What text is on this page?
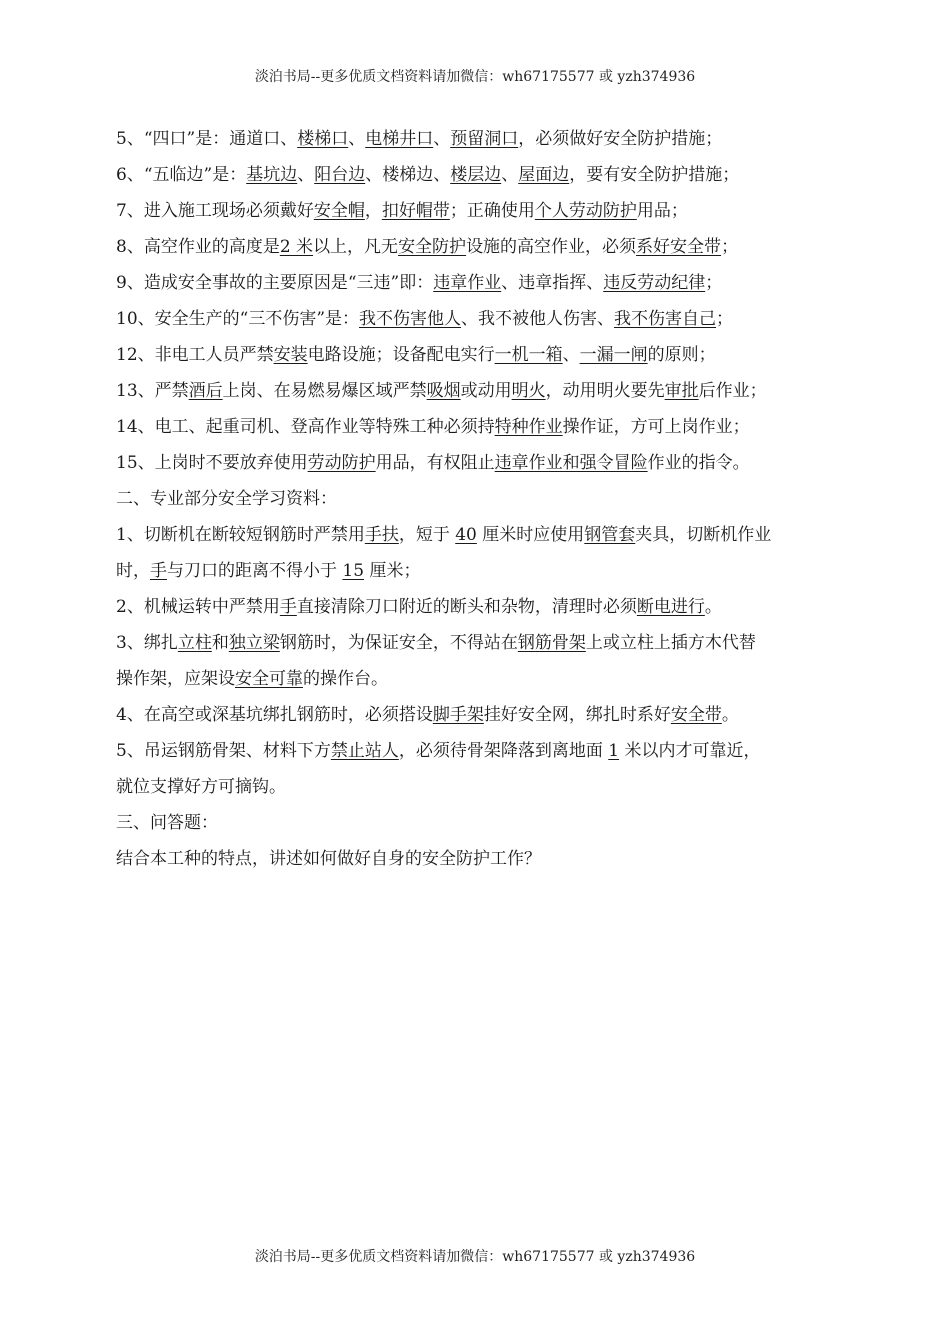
淡泊书局--更多优质文档资料请加微信：wh67175577 或 yzh374936
5、“四口”是：通道口、楼梯口、电梯井口、预留洞口，必须做好安全防护措施；
6、“五临边”是：基坑边、阳台边、楼梯边、楼层边、屋面边，要有安全防护措施；
7、进入施工现场必须戴好安全帽，扣好帽带；正确使用个人劳动防护用品；
8、高空作业的高度是2 米以上，凡无安全防护设施的高空作业，必须系好安全带；
9、造成安全事故的主要原因是“三违”即：违章作业、违章指挥、违反劳动纪律；
10、安全生产的“三不伤害”是：我不伤害他人、我不被他人伤害、我不伤害自己；
12、非电工人员严禁安装电路设施；设备配电实行一机一箱、一漏一闸的原则；
13、严禁酒后上岗、在易燃易爆区域严禁吸烟或动用明火，动用明火要先审批后作业；
14、电工、起重司机、登高作业等特殊工种必须持特种作业操作证，方可上岗作业；
15、上岗时不要放弃使用劳动防护用品，有权阻止违章作业和强令冒险作业的指令。
二、专业部分安全学习资料：
1、切断机在断较短钢筋时严禁用手扶，短于 40 厘米时应使用钢管套夹具，切断机作业
时，手与刀口的距离不得小于 15 厘米；
2、机械运转中严禁用手直接清除刀口附近的断头和杂物，清理时必须断电进行。
3、绑扎立柱和独立梁钢筋时，为保证安全，不得站在钢筋骨架上或立柱上插方木代替
操作架，应架设安全可靠的操作台。
4、在高空或深基坑绑扎钢筋时，必须搭设脚手架挂好安全网，绑扎时系好安全带。
5、吊运钢筋骨架、材料下方禁止站人，必须待骨架降落到离地面 1 米以内才可靠近，
就位支撑好方可摘钩。
三、问答题：
结合本工种的特点，讲述如何做好自身的安全防护工作？
淡泊书局--更多优质文档资料请加微信：wh67175577 或 yzh374936
